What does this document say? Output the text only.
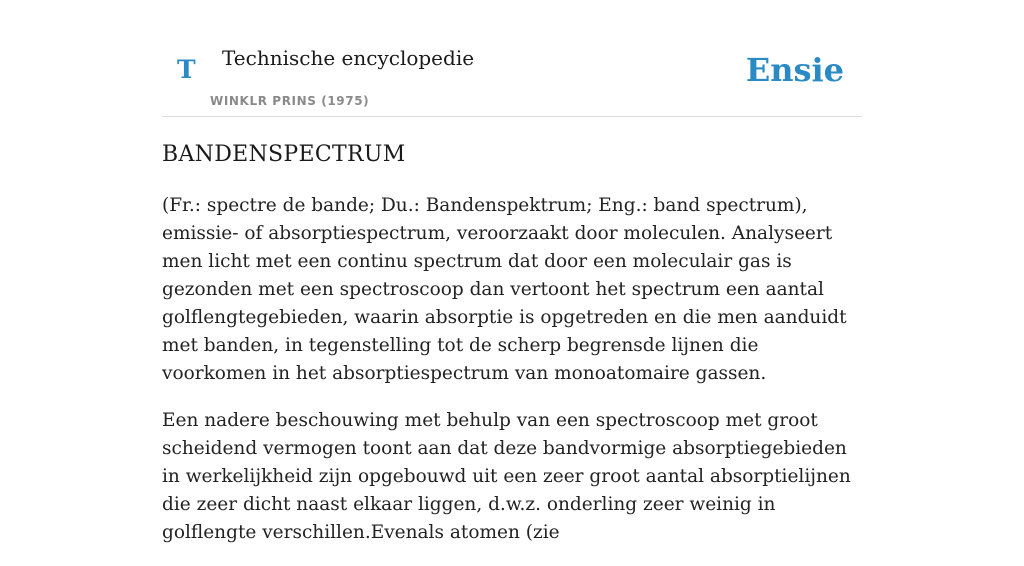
T Technische encyclopedie
WINKLR PRINS (1975)
Ensie
BANDENSPECTRUM

(Fr.: spectre de bande; Du.: Bandenspektrum; Eng.: band spectrum), emissie- of absorptiespectrum, veroorzaakt door moleculen. Analyseert men licht met een continu spectrum dat door een moleculair gas is gezonden met een spectroscoop dan vertoont het spectrum een aantal golflengtegebieden, waarin absorptie is opgetreden en die men aanduidt met banden, in tegenstelling tot de scherp begrensde lijnen die voorkomen in het absorptiespectrum van monoatomaire gassen.

Een nadere beschouwing met behulp van een spectroscoop met groot scheidend vermogen toont aan dat deze bandvormige absorptiegebieden in werkelijkheid zijn opgebouwd uit een zeer groot aantal absorptielijnen die zeer dicht naast elkaar liggen, d.w.z. onderling zeer weinig in golflengte verschillen.Evenals atomen (zie
